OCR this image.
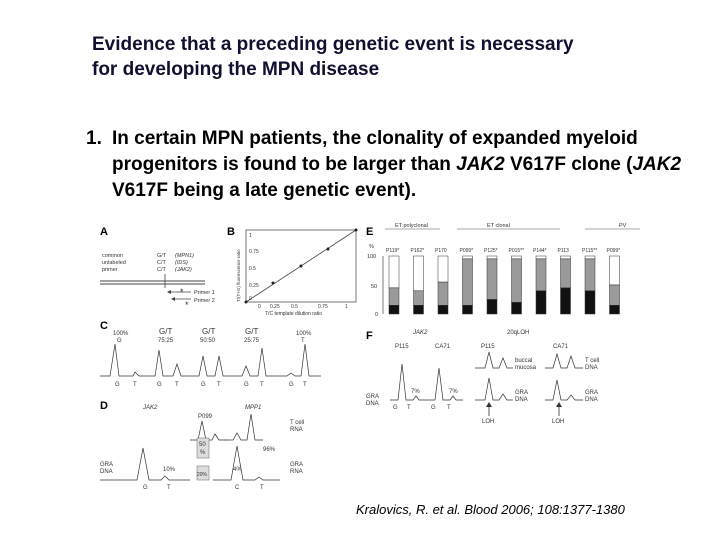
Evidence that a preceding genetic event is necessary
for developing the MPN disease
1. In certain MPN patients, the clonality of expanded myeloid progenitors is found to be larger than JAK2 V617F clone (JAK2 V617F being a late genetic event).
A	B
C
D
E
F
common
unlabeled
primer
G/T
C/T
C/T
(MPN1)
(IDS)
(JAK2)
Primer 1
Primer 2
*
*
1
0.75
0.5
0.25
0
0 0.25 0.5	0.75	1
T/C template dilution ratio
T/(T+G) fluorescence ratio
100%
G
G/T
75:25
G/T
50:50
G/T
25:75
100%
T
G T	G T	G T	G T	G T
JAK2	MPP1
P099
T cell
RNA
96%
50
%
20%
GRA
DNA	10%	4%
GRA
RNA
G	T	C	T
ET polyclonal	ET clonal	PV
%
100
50
0
P119* P162* P170	P099* P125* P015** P144* P113	P115** P099*
JAK2	20qLOH
P115	CA71	P115	CA71
buccal
mucosa
T cell
DNA
GRA
DNA
GRA
DNA
GRA
DNA
7%	7%
G T	G T
LOH	LOH
Kralovics, R. et al. Blood 2006; 108:1377-1380
